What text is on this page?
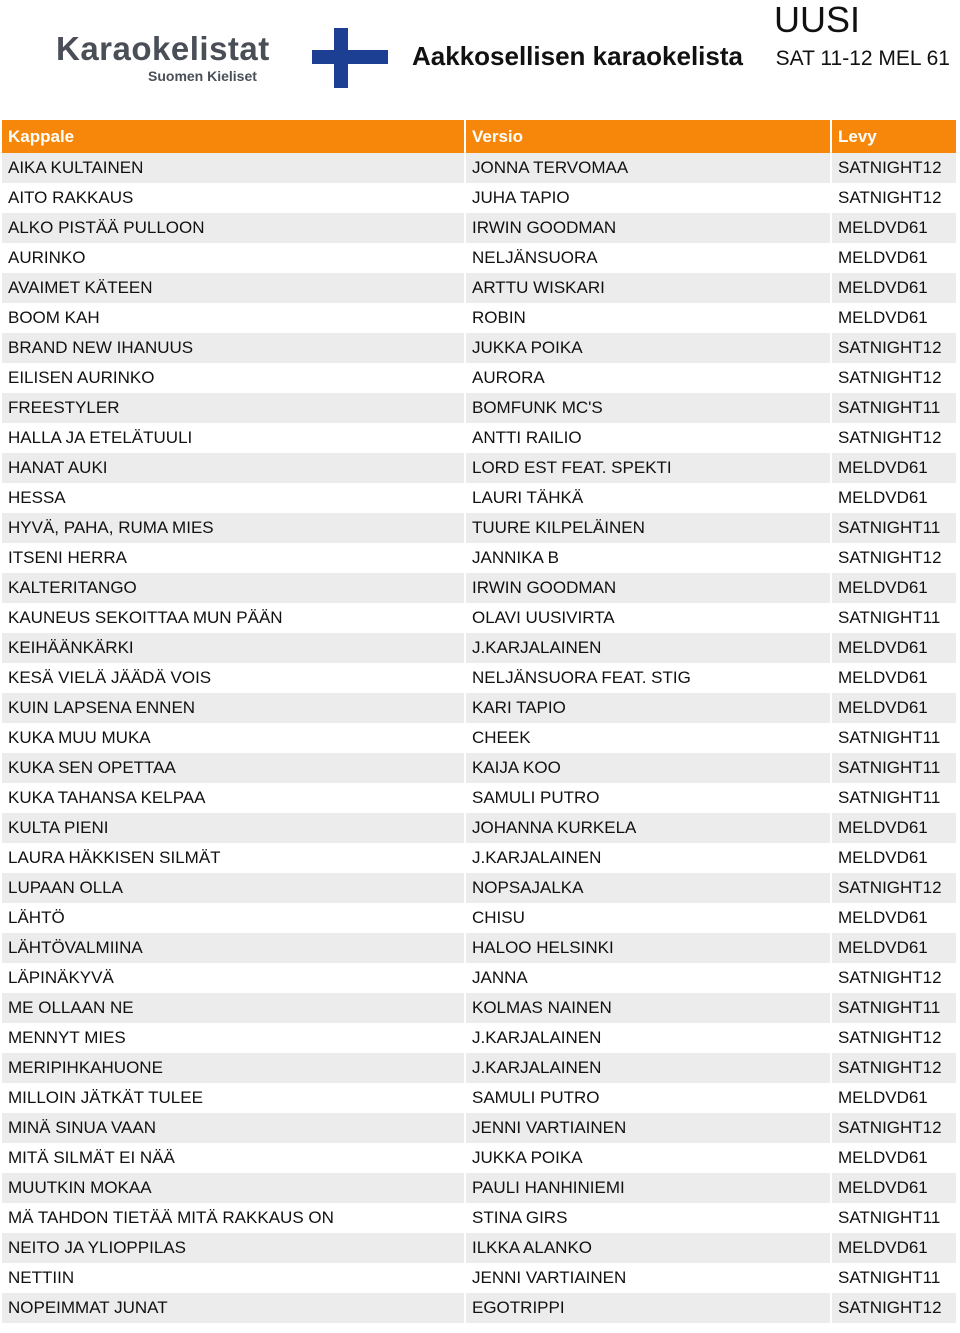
Karaokelistat
Suomen Kieliset
UUSI
Aakkosellisen karaokelista SAT 11-12 MEL 61
Kappale	Versio	Levy
AIKA KULTAINEN	JONNA TERVOMAA	SATNIGHT12
AITO RAKKAUS	JUHA TAPIO	SATNIGHT12
ALKO PISTÄÄ PULLOON	IRWIN GOODMAN	MELDVD61
AURINKO	NELJÄNSUORA	MELDVD61
AVAIMET KÄTEEN	ARTTU WISKARI	MELDVD61
BOOM KAH	ROBIN	MELDVD61
BRAND NEW IHANUUS	JUKKA POIKA	SATNIGHT12
EILISEN AURINKO	AURORA	SATNIGHT12
FREESTYLER	BOMFUNK MC'S	SATNIGHT11
HALLA JA ETELÄTUULI	ANTTI RAILIO	SATNIGHT12
HANAT AUKI	LORD EST FEAT. SPEKTI	MELDVD61
HESSA	LAURI TÄHKÄ	MELDVD61
HYVÄ, PAHA, RUMA MIES	TUURE KILPELÄINEN	SATNIGHT11
ITSENI HERRA	JANNIKA B	SATNIGHT12
KALTERITANGO	IRWIN GOODMAN	MELDVD61
KAUNEUS SEKOITTAA MUN PÄÄN	OLAVI UUSIVIRTA	SATNIGHT11
KEIHÄÄNKÄRKI	J.KARJALAINEN	MELDVD61
KESÄ VIELÄ JÄÄDÄ VOIS	NELJÄNSUORA FEAT. STIG	MELDVD61
KUIN LAPSENA ENNEN	KARI TAPIO	MELDVD61
KUKA MUU MUKA	CHEEK	SATNIGHT11
KUKA SEN OPETTAA	KAIJA KOO	SATNIGHT11
KUKA TAHANSA KELPAA	SAMULI PUTRO	SATNIGHT11
KULTA PIENI	JOHANNA KURKELA	MELDVD61
LAURA HÄKKISEN SILMÄT	J.KARJALAINEN	MELDVD61
LUPAAN OLLA	NOPSAJALKA	SATNIGHT12
LÄHTÖ	CHISU	MELDVD61
LÄHTÖVALMIINA	HALOO HELSINKI	MELDVD61
LÄPINÄKYVÄ	JANNA	SATNIGHT12
ME OLLAAN NE	KOLMAS NAINEN	SATNIGHT11
MENNYT MIES	J.KARJALAINEN	SATNIGHT12
MERIPIHKAHUONE	J.KARJALAINEN	SATNIGHT12
MILLOIN JÄTKÄT TULEE	SAMULI PUTRO	MELDVD61
MINÄ SINUA VAAN	JENNI VARTIAINEN	SATNIGHT12
MITÄ SILMÄT EI NÄÄ	JUKKA POIKA	MELDVD61
MUUTKIN MOKAA	PAULI HANHINIEMI	MELDVD61
MÄ TAHDON TIETÄÄ MITÄ RAKKAUS ON	STINA GIRS	SATNIGHT11
NEITO JA YLIOPPILAS	ILKKA ALANKO	MELDVD61
NETTIIN	JENNI VARTIAINEN	SATNIGHT11
NOPEIMMAT JUNAT	EGOTRIPPI	SATNIGHT12
